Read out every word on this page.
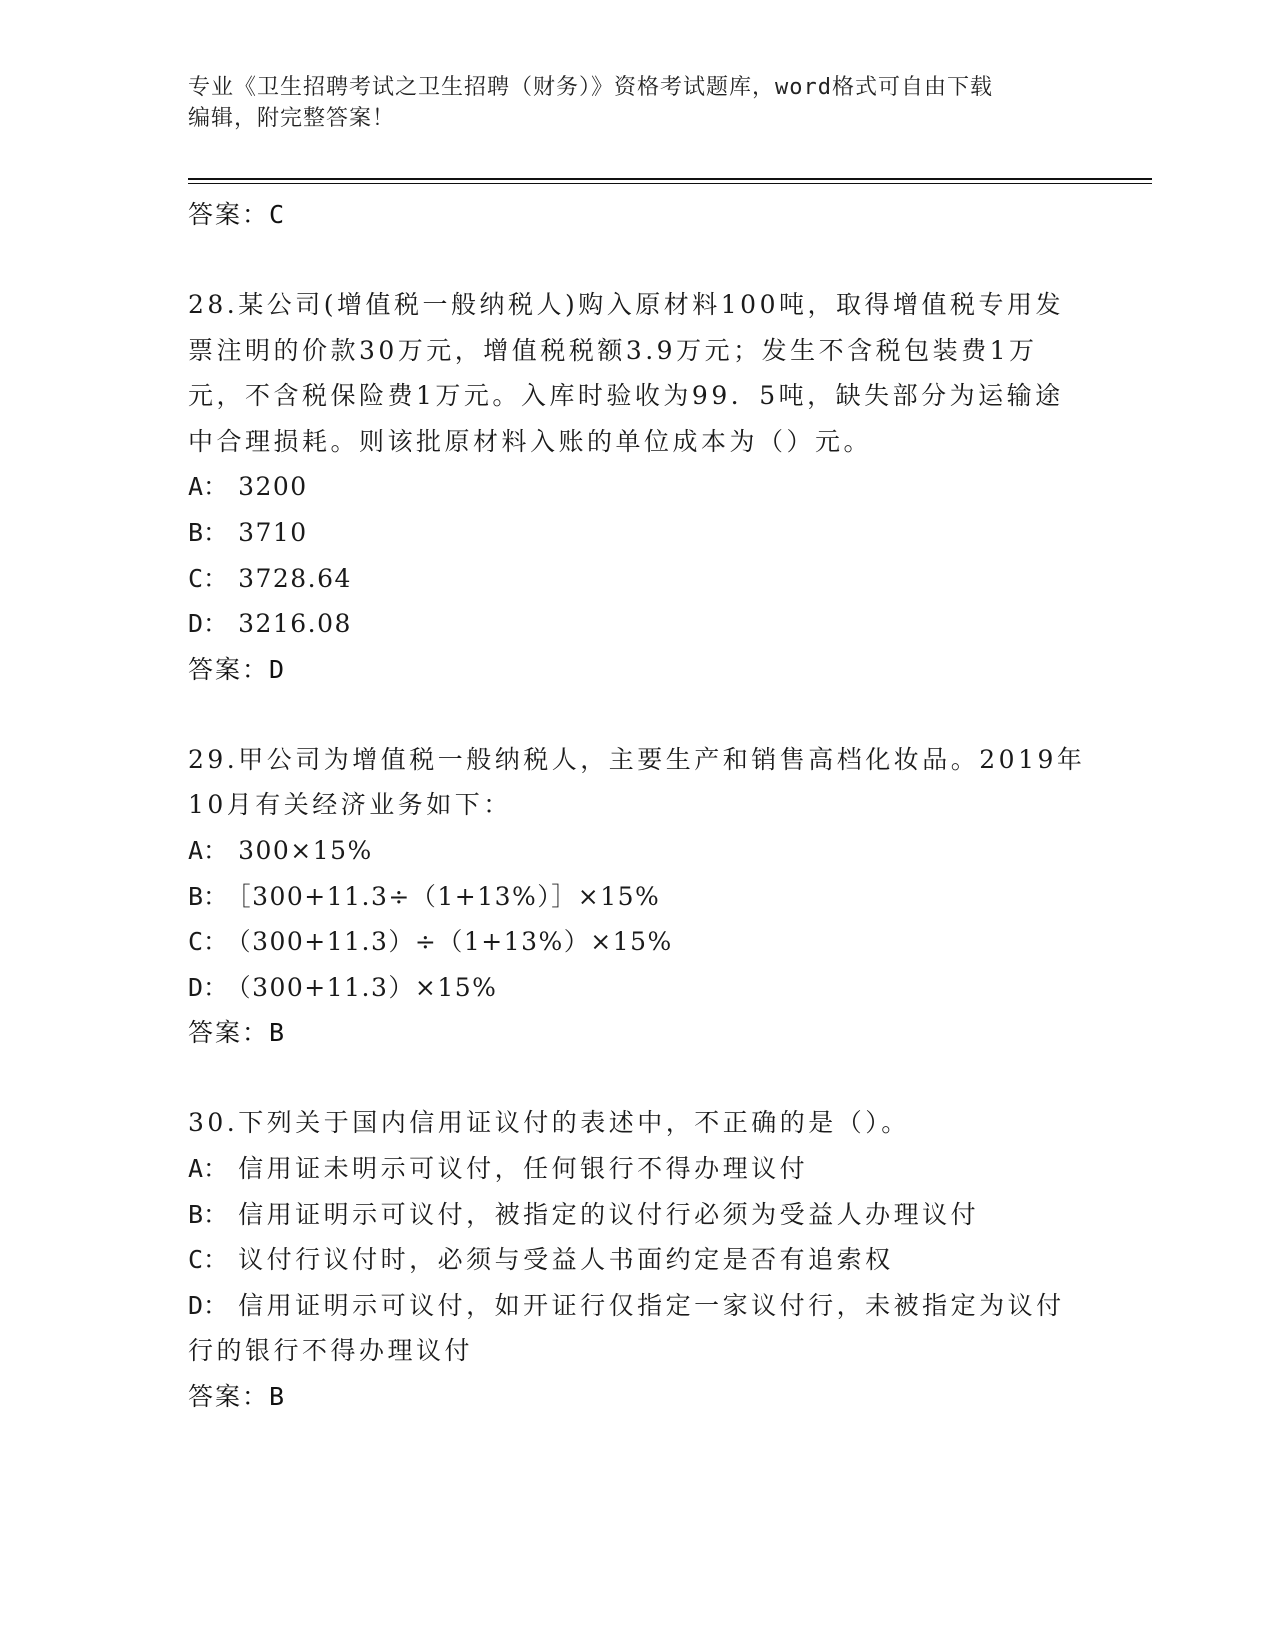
专业《卫生招聘考试之卫生招聘（财务）》资格考试题库，word格式可自由下载
编辑，附完整答案！
答案：C
28.某公司(增值税一般纳税人)购入原材料100吨，取得增值税专用发票注明的价款30万元，增值税税额3.9万元；发生不含税包装费1万元，不含税保险费1万元。入库时验收为99．5吨，缺失部分为运输途中合理损耗。则该批原材料入账的单位成本为（）元。
A： 3200
B： 3710
C： 3728.64
D： 3216.08
答案：D
29.甲公司为增值税一般纳税人，主要生产和销售高档化妆品。2019年10月有关经济业务如下：
A： 300×15%
B： ［300+11.3÷（1+13%）］×15%
C： （300+11.3）÷（1+13%）×15%
D： （300+11.3）×15%
答案：B
30.下列关于国内信用证议付的表述中，不正确的是（）。
A： 信用证未明示可议付，任何银行不得办理议付
B： 信用证明示可议付，被指定的议付行必须为受益人办理议付
C： 议付行议付时，必须与受益人书面约定是否有追索权
D： 信用证明示可议付，如开证行仅指定一家议付行，未被指定为议付行的银行不得办理议付
答案：B
